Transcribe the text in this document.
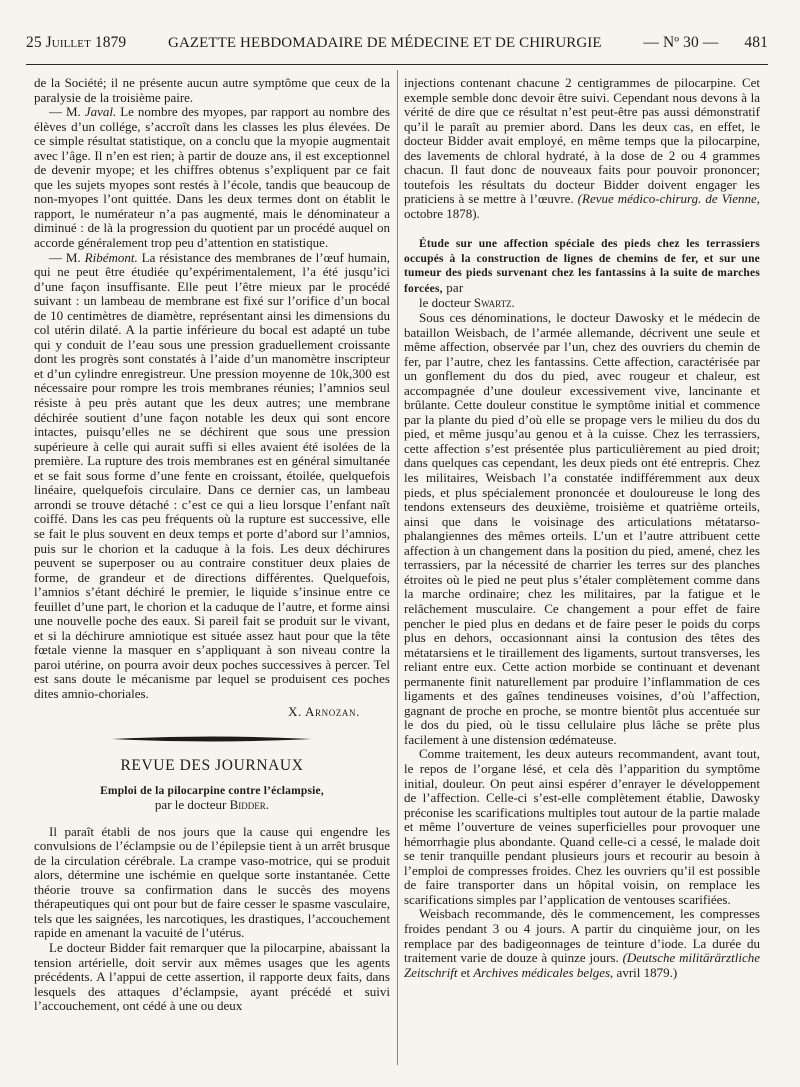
25 Juillet 1879	GAZETTE HEBDOMADAIRE DE MÉDECINE ET DE CHIRURGIE	— Nº 30 — 481

de la Société; il ne présente aucun autre symptôme que ceux de la paralysie de la troisième paire.

— M. Javal. Le nombre des myopes, par rapport au nombre des élèves d’un collége, s’accroît dans les classes les plus élevées. De ce simple résultat statistique, on a conclu que la myopie augmentait avec l’âge. Il n’en est rien; à partir de douze ans, il est exceptionnel de devenir myope; et les chiffres obtenus s’expliquent par ce fait que les sujets myopes sont restés à l’école, tandis que beaucoup de non-myopes l’ont quittée. Dans les deux termes dont on établit le rapport, le numérateur n’a pas augmenté, mais le dénominateur a diminué : de là la progression du quotient par un procédé auquel on accorde généralement trop peu d’attention en statistique.

— M. Ribémont. La résistance des membranes de l’œuf humain, qui ne peut être étudiée qu’expérimentalement, l’a été jusqu’ici d’une façon insuffisante. Elle peut l’être mieux par le procédé suivant : un lambeau de membrane est fixé sur l’orifice d’un bocal de 10 centimètres de diamètre, représentant ainsi les dimensions du col utérin dilaté. A la partie inférieure du bocal est adapté un tube qui y conduit de l’eau sous une pression graduellement croissante dont les progrès sont constatés à l’aide d’un manomètre inscripteur et d’un cylindre enregistreur. Une pression moyenne de 10k,300 est nécessaire pour rompre les trois membranes réunies; l’amnios seul résiste à peu près autant que les deux autres; une membrane déchirée soutient d’une façon notable les deux qui sont encore intactes, puisqu’elles ne se déchirent que sous une pression supérieure à celle qui aurait suffi si elles avaient été isolées de la première. La rupture des trois membranes est en général simultanée et se fait sous forme d’une fente en croissant, étoilée, quelquefois linéaire, quelquefois circulaire. Dans ce dernier cas, un lambeau arrondi se trouve détaché : c’est ce qui a lieu lorsque l’enfant naît coiffé. Dans les cas peu fréquents où la rupture est successive, elle se fait le plus souvent en deux temps et porte d’abord sur l’amnios, puis sur le chorion et la caduque à la fois. Les deux déchirures peuvent se superposer ou au contraire constituer deux plaies de forme, de grandeur et de directions différentes. Quelquefois, l’amnios s’étant déchiré le premier, le liquide s’insinue entre ce feuillet d’une part, le chorion et la caduque de l’autre, et forme ainsi une nouvelle poche des eaux. Si pareil fait se produit sur le vivant, et si la déchirure amniotique est située assez haut pour que la tête fœtale vienne la masquer en s’appliquant à son niveau contre la paroi utérine, on pourra avoir deux poches successives à percer. Tel est sans doute le mécanisme par lequel se produisent ces poches dites amnio-choriales.

X. Arnozan.
REVUE DES JOURNAUX
Emploi de la pilocarpine contre l’éclampsie,
par le docteur Bidder.

Il paraît établi de nos jours que la cause qui engendre les convulsions de l’éclampsie ou de l’épilepsie tient à un arrêt brusque de la circulation cérébrale. La crampe vaso-motrice, qui se produit alors, détermine une ischémie en quelque sorte instantanée. Cette théorie trouve sa confirmation dans le succès des moyens thérapeutiques qui ont pour but de faire cesser le spasme vasculaire, tels que les saignées, les narcotiques, les drastiques, l’accouchement rapide en amenant la vacuité de l’utérus.

Le docteur Bidder fait remarquer que la pilocarpine, abaissant la tension artérielle, doit servir aux mêmes usages que les agents précédents. A l’appui de cette assertion, il rapporte deux faits, dans lesquels des attaques d’éclampsie, ayant précédé et suivi l’accouchement, ont cédé à une ou deux

injections contenant chacune 2 centigrammes de pilocarpine. Cet exemple semble donc devoir être suivi. Cependant nous devons à la vérité de dire que ce résultat n’est peut-être pas aussi démonstratif qu’il le paraît au premier abord. Dans les deux cas, en effet, le docteur Bidder avait employé, en même temps que la pilocarpine, des lavements de chloral hydraté, à la dose de 2 ou 4 grammes chacun. Il faut donc de nouveaux faits pour pouvoir prononcer; toutefois les résultats du docteur Bidder doivent engager les praticiens à se mettre à l’œuvre. (Revue médico-chirurg. de Vienne, octobre 1878).

Étude sur une affection spéciale des pieds chez les terrassiers occupés à la construction de lignes de chemins de fer, et sur une tumeur des pieds survenant chez les fantassins à la suite de marches forcées, par

le docteur Swartz.

Sous ces dénominations, le docteur Dawosky et le médecin de bataillon Weisbach, de l’armée allemande, décrivent une seule et même affection, observée par l’un, chez des ouvriers du chemin de fer, par l’autre, chez les fantassins. Cette affection, caractérisée par un gonflement du dos du pied, avec rougeur et chaleur, est accompagnée d’une douleur excessivement vive, lancinante et brûlante. Cette douleur constitue le symptôme initial et commence par la plante du pied d’où elle se propage vers le milieu du dos du pied, et même jusqu’au genou et à la cuisse. Chez les terrassiers, cette affection s’est présentée plus particulièrement au pied droit; dans quelques cas cependant, les deux pieds ont été entrepris. Chez les militaires, Weisbach l’a constatée indifféremment aux deux pieds, et plus spécialement prononcée et douloureuse le long des tendons extenseurs des deuxième, troisième et quatrième orteils, ainsi que dans le voisinage des articulations métatarso-phalangiennes des mêmes orteils. L’un et l’autre attribuent cette affection à un changement dans la position du pied, amené, chez les terrassiers, par la nécessité de charrier les terres sur des planches étroites où le pied ne peut plus s’étaler complètement comme dans la marche ordinaire; chez les militaires, par la fatigue et le relâchement musculaire. Ce changement a pour effet de faire pencher le pied plus en dedans et de faire peser le poids du corps plus en dehors, occasionnant ainsi la contusion des têtes des métatarsiens et le tiraillement des ligaments, surtout transverses, les reliant entre eux. Cette action morbide se continuant et devenant permanente finit naturellement par produire l’inflammation de ces ligaments et des gaînes tendineuses voisines, d’où l’affection, gagnant de proche en proche, se montre bientôt plus accentuée sur le dos du pied, où le tissu cellulaire plus lâche se prête plus facilement à une distension œdémateuse.

Comme traitement, les deux auteurs recommandent, avant tout, le repos de l’organe lésé, et cela dès l’apparition du symptôme initial, douleur. On peut ainsi espérer d’enrayer le développement de l’affection. Celle-ci s’est-elle complètement établie, Dawosky préconise les scarifications multiples tout autour de la partie malade et même l’ouverture de veines superficielles pour provoquer une hémorrhagie plus abondante. Quand celle-ci a cessé, le malade doit se tenir tranquille pendant plusieurs jours et recourir au besoin à l’emploi de compresses froides. Chez les ouvriers qu’il est possible de faire transporter dans un hôpital voisin, on remplace les scarifications simples par l’application de ventouses scarifiées.

Weisbach recommande, dès le commencement, les compresses froides pendant 3 ou 4 jours. A partir du cinquième jour, on les remplace par des badigeonnages de teinture d’iode. La durée du traitement varie de douze à quinze jours. (Deutsche militärärztliche Zeitschrift et Archives médicales belges, avril 1879.)
